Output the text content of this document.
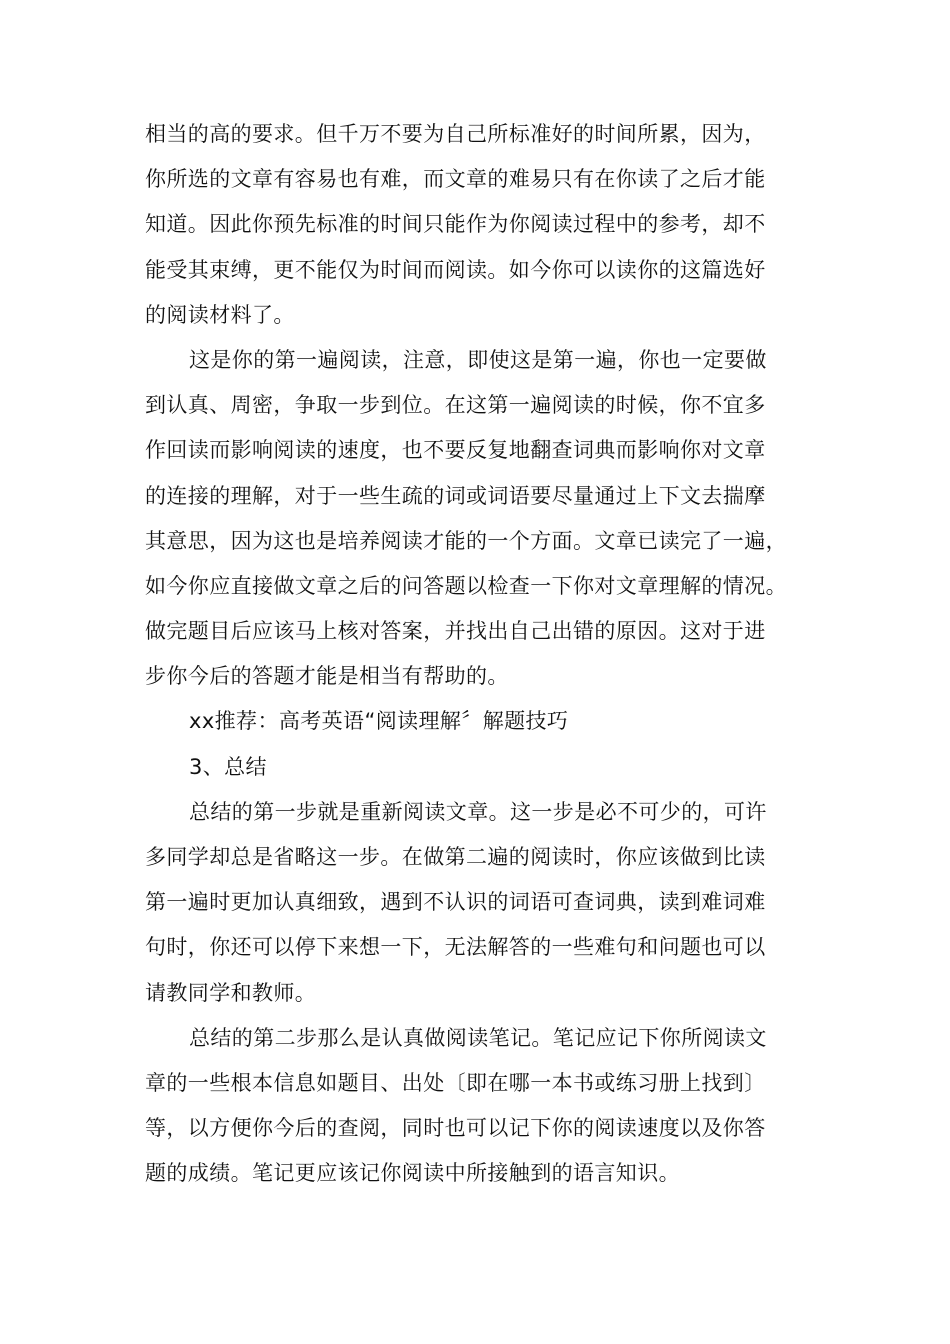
相当的高的要求。但千万不要为自己所标准好的时间所累，因为，
你所选的文章有容易也有难，而文章的难易只有在你读了之后才能
知道。因此你预先标准的时间只能作为你阅读过程中的参考，却不
能受其束缚，更不能仅为时间而阅读。如今你可以读你的这篇选好
的阅读材料了。
这是你的第一遍阅读，注意，即使这是第一遍，你也一定要做
到认真、周密，争取一步到位。在这第一遍阅读的时候，你不宜多
作回读而影响阅读的速度，也不要反复地翻查词典而影响你对文章
的连接的理解，对于一些生疏的词或词语要尽量通过上下文去揣摩
其意思，因为这也是培养阅读才能的一个方面。文章已读完了一遍，
如今你应直接做文章之后的问答题以检查一下你对文章理解的情况。
做完题目后应该马上核对答案，并找出自己出错的原因。这对于进
步你今后的答题才能是相当有帮助的。
xx推荐：高考英语“阅读理解〞解题技巧
3、总结
总结的第一步就是重新阅读文章。这一步是必不可少的，可许
多同学却总是省略这一步。在做第二遍的阅读时，你应该做到比读
第一遍时更加认真细致，遇到不认识的词语可查词典，读到难词难
句时，你还可以停下来想一下，无法解答的一些难句和问题也可以
请教同学和教师。
总结的第二步那么是认真做阅读笔记。笔记应记下你所阅读文
章的一些根本信息如题目、出处〔即在哪一本书或练习册上找到〕
等，以方便你今后的查阅，同时也可以记下你的阅读速度以及你答
题的成绩。笔记更应该记你阅读中所接触到的语言知识。
